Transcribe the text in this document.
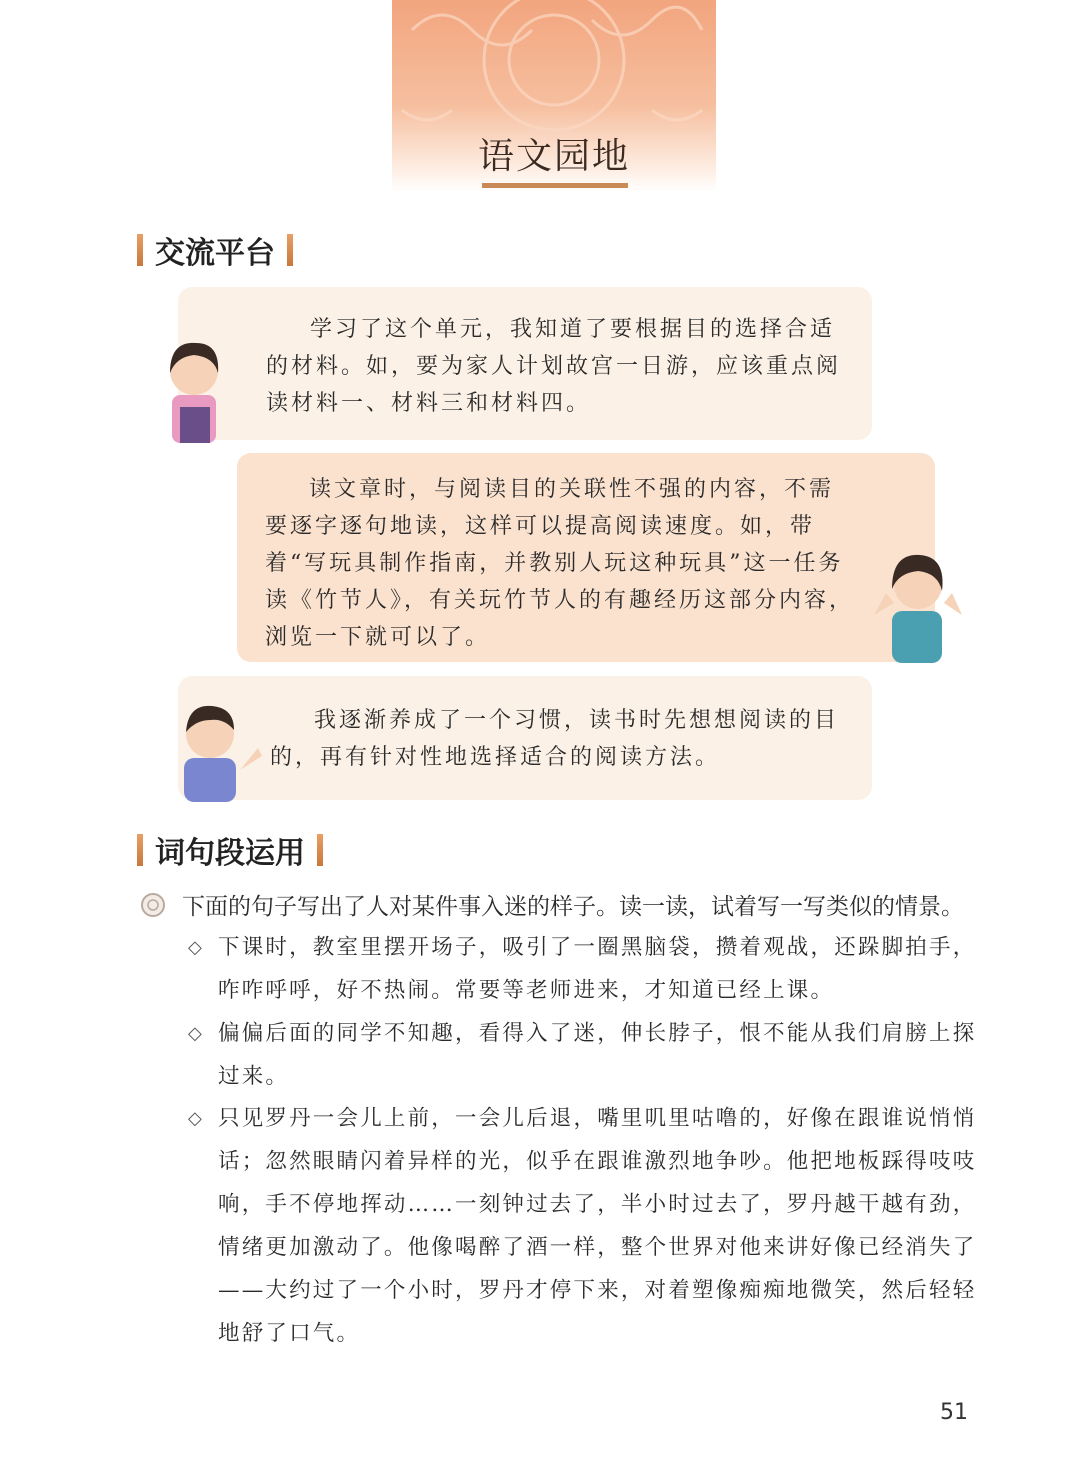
语文园地
交流平台
学习了这个单元，我知道了要根据目的选择合适的材料。如，要为家人计划故宫一日游，应该重点阅读材料一、材料三和材料四。
读文章时，与阅读目的关联性不强的内容，不需要逐字逐句地读，这样可以提高阅读速度。如，带着“写玩具制作指南，并教别人玩这种玩具”这一任务读《竹节人》，有关玩竹节人的有趣经历这部分内容，浏览一下就可以了。
我逐渐养成了一个习惯，读书时先想想阅读的目的，再有针对性地选择适合的阅读方法。
词句段运用
下面的句子写出了人对某件事入迷的样子。读一读，试着写一写类似的情景。
◇ 下课时，教室里摆开场子，吸引了一圈黑脑袋，攒着观战，还跺脚拍手，咋咋呼呼，好不热闹。常要等老师进来，才知道已经上课。
◇ 偏偏后面的同学不知趣，看得入了迷，伸长脖子，恨不能从我们肩膀上探过来。
◇ 只见罗丹一会儿上前，一会儿后退，嘴里叽里咕噜的，好像在跟谁说悄悄话；忽然眼睛闪着异样的光，似乎在跟谁激烈地争吵。他把地板踩得吱吱响，手不停地挥动……一刻钟过去了，半小时过去了，罗丹越干越有劲，情绪更加激动了。他像喝醉了酒一样，整个世界对他来讲好像已经消失了——大约过了一个小时，罗丹才停下来，对着塑像痴痴地微笑，然后轻轻地舒了口气。
51
